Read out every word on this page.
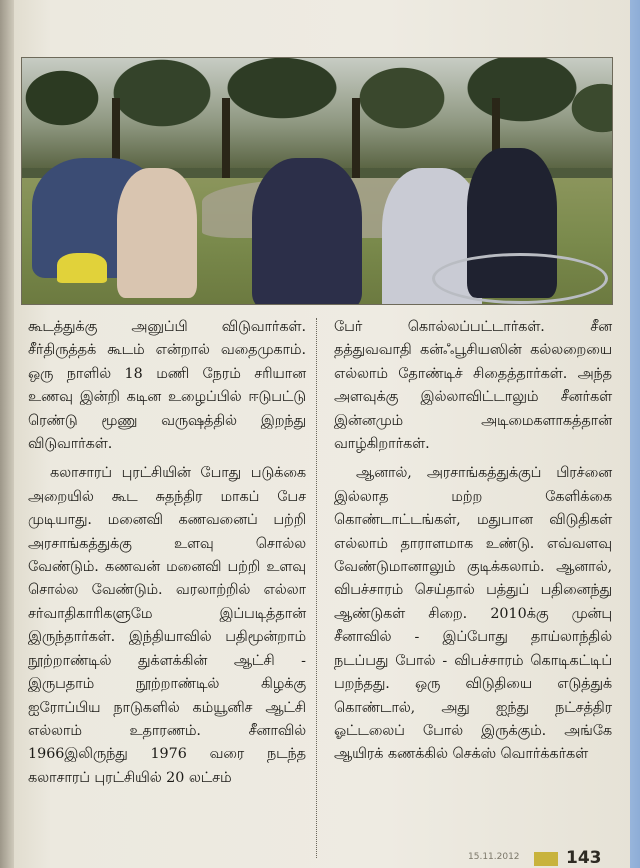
கூடத்துக்கு அனுப்பி விடுவார்கள். சீர்திருத்தக் கூடம் என்றால் வதைமுகாம். ஒரு நாளில் 18 மணி நேரம் சரியான உணவு இன்றி கடின உழைப்பில் ஈடுபட்டு ரெண்டு மூணு வருஷத்தில் இறந்து விடுவார்கள்.

கலாசாரப் புரட்சியின் போது படுக்கை அறையில் கூட சுதந்திர மாகப் பேச முடியாது. மனைவி கணவனைப் பற்றி அரசாங்கத்துக்கு உளவு சொல்ல வேண்டும். கணவன் மனைவி பற்றி உளவு சொல்ல வேண்டும். வரலாற்றில் எல்லா சர்வாதிகாரிகளுமே இப்படித்தான் இருந்தார்கள். இந்தியாவில் பதிமூன்றாம் நூற்றாண்டில் துக்ளக்கின் ஆட்சி - இருபதாம் நூற்றாண்டில் கிழக்கு ஐரோப்பிய நாடுகளில் கம்யூனிச ஆட்சி எல்லாம் உதாரணம். சீனாவில் 1966இலிருந்து 1976 வரை நடந்த கலாசாரப் புரட்சியில் 20 லட்சம்

பேர் கொல்லப்பட்டார்கள். சீன தத்துவவாதி கன்ஃபூசியஸின் கல்லறையை எல்லாம் தோண்டிச் சிதைத்தார்கள். அந்த அளவுக்கு இல்லாவிட்டாலும் சீனர்கள் இன்னமும் அடிமைகளாகத்தான் வாழ்கிறார்கள்.

ஆனால், அரசாங்கத்துக்குப் பிரச்னை இல்லாத மற்ற கேளிக்கை கொண்டாட்டங்கள், மதுபான விடுதிகள் எல்லாம் தாராளமாக உண்டு. எவ்வளவு வேண்டுமானாலும் குடிக்கலாம். ஆனால், விபச்சாரம் செய்தால் பத்துப் பதினைந்து ஆண்டுகள் சிறை. 2010க்கு முன்பு சீனாவில் - இப்போது தாய்லாந்தில் நடப்பது போல் - விபச்சாரம் கொடிகட்டிப் பறந்தது. ஒரு விடுதியை எடுத்துக் கொண்டால், அது ஐந்து நட்சத்திர ஓட்டலைப் போல் இருக்கும். அங்கே ஆயிரக் கணக்கில் செக்ஸ் வொர்க்கர்கள்

15.11.2012	143
